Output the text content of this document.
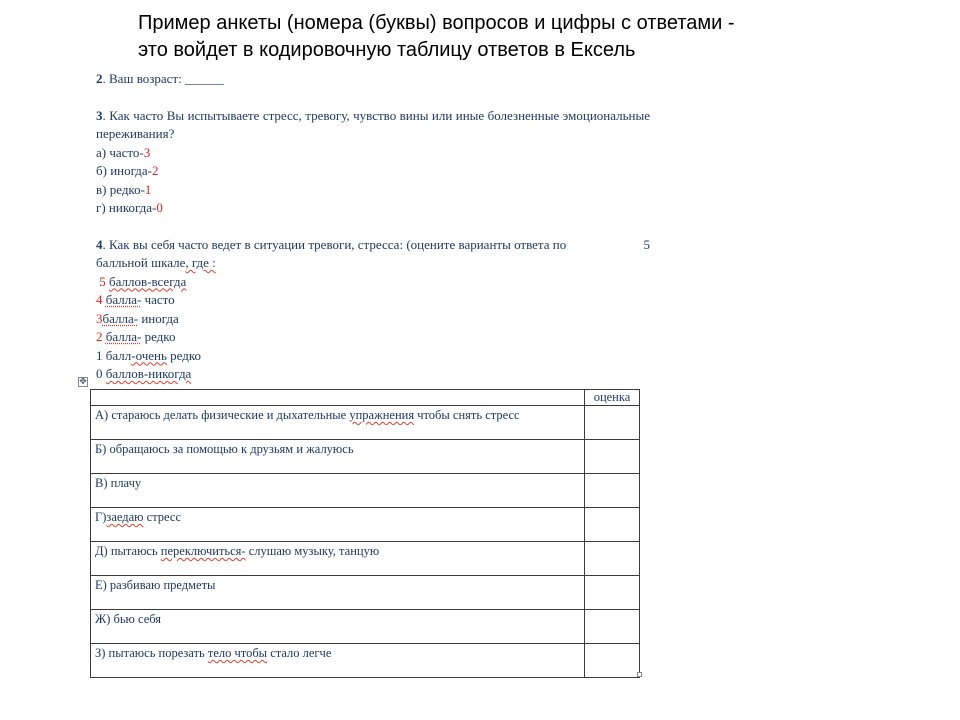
Пример анкеты (номера (буквы) вопросов и цифры с ответами -
это войдет в кодировочную таблицу ответов в Ексель

2. Ваш возраст: ______

3. Как часто Вы испытываете стресс, тревогу, чувство вины или иные болезненные эмоциональные переживания?

а) часто-3

б) иногда-2

в) редко-1

г) никогда-0

4. Как вы себя часто ведет в ситуации тревоги, стресса: (оцените варианты ответа по	5

балльной шкале, где :

5 баллов-всегда

4 балла- часто

3балла- иногда

2 балла- редко

1 балл-очень редко

0 баллов-никогда

✥
	оценка
А) стараюсь делать физические и дыхательные упражнения чтобы снять стресс	
Б) обращаюсь за помощью к друзьям и жалуюсь	
В) плачу	
Г)заедаю стресс	
Д) пытаюсь переключиться- слушаю музыку, танцую	
Е) разбиваю предметы	
Ж) бью себя	
З) пытаюсь порезать тело чтобы стало легче	
